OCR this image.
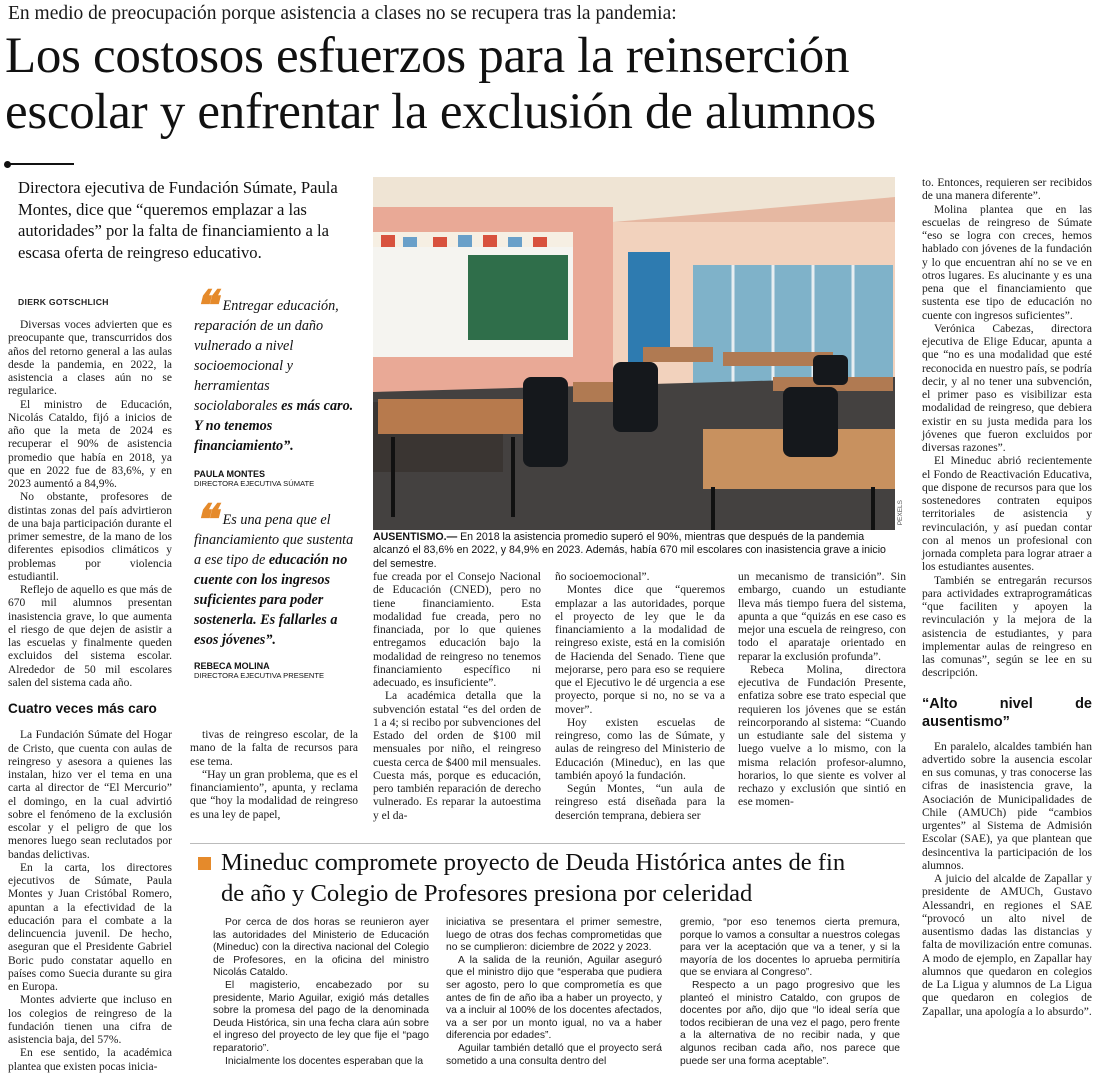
En medio de preocupación porque asistencia a clases no se recupera tras la pandemia:
Los costosos esfuerzos para la reinserción
escolar y enfrentar la exclusión de alumnos
Directora ejecutiva de Fundación Súmate, Paula Montes, dice que “queremos emplazar a las autoridades” por la falta de financiamiento a la escasa oferta de reingreso educativo.
DIERK GOTSCHLICH

Diversas voces advierten que es preocupante que, transcurridos dos años del retorno general a las aulas desde la pandemia, en 2022, la asistencia a clases aún no se regularice.

El ministro de Educación, Nicolás Cataldo, fijó a inicios de año que la meta de 2024 es recuperar el 90% de asistencia promedio que había en 2018, ya que en 2022 fue de 83,6%, y en 2023 aumentó a 84,9%.

No obstante, profesores de distintas zonas del país advirtieron de una baja participación durante el primer semestre, de la mano de los diferentes episodios climáticos y problemas por violencia estudiantil.

Reflejo de aquello es que más de 670 mil alumnos presentan inasistencia grave, lo que aumenta el riesgo de que dejen de asistir a las escuelas y finalmente queden excluidos del sistema escolar. Alrededor de 50 mil escolares salen del sistema cada año.

Cuatro veces más caro

La Fundación Súmate del Hogar de Cristo, que cuenta con aulas de reingreso y asesora a quienes las instalan, hizo ver el tema en una carta al director de “El Mercurio” el domingo, en la cual advirtió sobre el fenómeno de la exclusión escolar y el peligro de que los menores luego sean reclutados por bandas delictivas.

En la carta, los directores ejecutivos de Súmate, Paula Montes y Juan Cristóbal Romero, apuntan a la efectividad de la educación para el combate a la delincuencia juvenil. De hecho, aseguran que el Presidente Gabriel Boric pudo constatar aquello en países como Suecia durante su gira en Europa.

Montes advierte que incluso en los colegios de reingreso de la fundación tienen una cifra de asistencia baja, del 57%.

En ese sentido, la académica plantea que existen pocas inicia-

❝ Entregar educación, reparación de un daño vulnerado a nivel socioemocional y herramientas sociolaborales es más caro. Y no tenemos financiamiento”.
PAULA MONTES
DIRECTORA EJECUTIVA SÚMATE
❝ Es una pena que el financiamiento que sustenta a ese tipo de educación no cuente con los ingresos suficientes para poder sostenerla. Es fallarles a esos jóvenes”.
REBECA MOLINA
DIRECTORA EJECUTIVA PRESENTE

tivas de reingreso escolar, de la mano de la falta de recursos para ese tema.

“Hay un gran problema, que es el financiamiento”, apunta, y reclama que “hoy la modalidad de reingreso es una ley de papel,

PEXELS
AUSENTISMO.— En 2018 la asistencia promedio superó el 90%, mientras que después de la pandemia alcanzó el 83,6% en 2022, y 84,9% en 2023. Además, había 670 mil escolares con inasistencia grave a inicio del semestre.
fue creada por el Consejo Nacional de Educación (CNED), pero no tiene financiamiento. Esta modalidad fue creada, pero no financiada, por lo que quienes entregamos educación bajo la modalidad de reingreso no tenemos financiamiento específico ni adecuado, es insuficiente”.

La académica detalla que la subvención estatal “es del orden de 1 a 4; si recibo por subvenciones del Estado del orden de $100 mil mensuales por niño, el reingreso cuesta cerca de $400 mil mensuales. Cuesta más, porque es educación, pero también reparación de derecho vulnerado. Es reparar la autoestima y el da-

ño socioemocional”.

Montes dice que “queremos emplazar a las autoridades, porque el proyecto de ley que le da financiamiento a la modalidad de reingreso existe, está en la comisión de Hacienda del Senado. Tiene que mejorarse, pero para eso se requiere que el Ejecutivo le dé urgencia a ese proyecto, porque si no, no se va a mover”.

Hoy existen escuelas de reingreso, como las de Súmate, y aulas de reingreso del Ministerio de Educación (Mineduc), en las que también apoyó la fundación.

Según Montes, “un aula de reingreso está diseñada para la deserción temprana, debiera ser

un mecanismo de transición”. Sin embargo, cuando un estudiante lleva más tiempo fuera del sistema, apunta a que “quizás en ese caso es mejor una escuela de reingreso, con todo el aparataje orientado en reparar la exclusión profunda”.

Rebeca Molina, directora ejecutiva de Fundación Presente, enfatiza sobre ese trato especial que requieren los jóvenes que se están reincorporando al sistema: “Cuando un estudiante sale del sistema y luego vuelve a lo mismo, con la misma relación profesor-alumno, horarios, lo que siente es volver al rechazo y exclusión que sintió en ese momen-

to. Entonces, requieren ser recibidos de una manera diferente”.

Molina plantea que en las escuelas de reingreso de Súmate “eso se logra con creces, hemos hablado con jóvenes de la fundación y lo que encuentran ahí no se ve en otros lugares. Es alucinante y es una pena que el financiamiento que sustenta ese tipo de educación no cuente con ingresos suficientes”.

Verónica Cabezas, directora ejecutiva de Elige Educar, apunta a que “no es una modalidad que esté reconocida en nuestro país, se podría decir, y al no tener una subvención, el primer paso es visibilizar esta modalidad de reingreso, que debiera existir en su justa medida para los jóvenes que fueron excluidos por diversas razones”.

El Mineduc abrió recientemente el Fondo de Reactivación Educativa, que dispone de recursos para que los sostenedores contraten equipos territoriales de asistencia y revinculación, y así puedan contar con al menos un profesional con jornada completa para lograr atraer a los estudiantes ausentes.

También se entregarán recursos para actividades extraprogramáticas “que faciliten y apoyen la revinculación y la mejora de la asistencia de estudiantes, y para implementar aulas de reingreso en las comunas”, según se lee en su descripción.

“Alto nivel de ausentismo”

En paralelo, alcaldes también han advertido sobre la ausencia escolar en sus comunas, y tras conocerse las cifras de inasistencia grave, la Asociación de Municipalidades de Chile (AMUCh) pide “cambios urgentes” al Sistema de Admisión Escolar (SAE), ya que plantean que desincentiva la participación de los alumnos.

A juicio del alcalde de Zapallar y presidente de AMUCh, Gustavo Alessandri, en regiones el SAE “provocó un alto nivel de ausentismo dadas las distancias y falta de movilización entre comunas. A modo de ejemplo, en Zapallar hay alumnos que quedaron en colegios de La Ligua y alumnos de La Ligua que quedaron en colegios de Zapallar, una apología a lo absurdo”.

Mineduc compromete proyecto de Deuda Histórica antes de fin
de año y Colegio de Profesores presiona por celeridad

Por cerca de dos horas se reunieron ayer las autoridades del Ministerio de Educación (Mineduc) con la directiva nacional del Colegio de Profesores, en la oficina del ministro Nicolás Cataldo.

El magisterio, encabezado por su presidente, Mario Aguilar, exigió más detalles sobre la promesa del pago de la denominada Deuda Histórica, sin una fecha clara aún sobre el ingreso del proyecto de ley que fije el “pago reparatorio”.

Inicialmente los docentes esperaban que la

iniciativa se presentara el primer semestre, luego de otras dos fechas comprometidas que no se cumplieron: diciembre de 2022 y 2023.

A la salida de la reunión, Aguilar aseguró que el ministro dijo que “esperaba que pudiera ser agosto, pero lo que comprometía es que antes de fin de año iba a haber un proyecto, y va a incluir al 100% de los docentes afectados, va a ser por un monto igual, no va a haber diferencia por edades”.

Aguilar también detalló que el proyecto será sometido a una consulta dentro del

gremio, “por eso tenemos cierta premura, porque lo vamos a consultar a nuestros colegas para ver la aceptación que va a tener, y si la mayoría de los docentes lo aprueba permitiría que se enviara al Congreso”.

Respecto a un pago progresivo que les planteó el ministro Cataldo, con grupos de docentes por año, dijo que “lo ideal sería que todos recibieran de una vez el pago, pero frente a la alternativa de no recibir nada, y que algunos reciban cada año, nos parece que puede ser una forma aceptable”.
